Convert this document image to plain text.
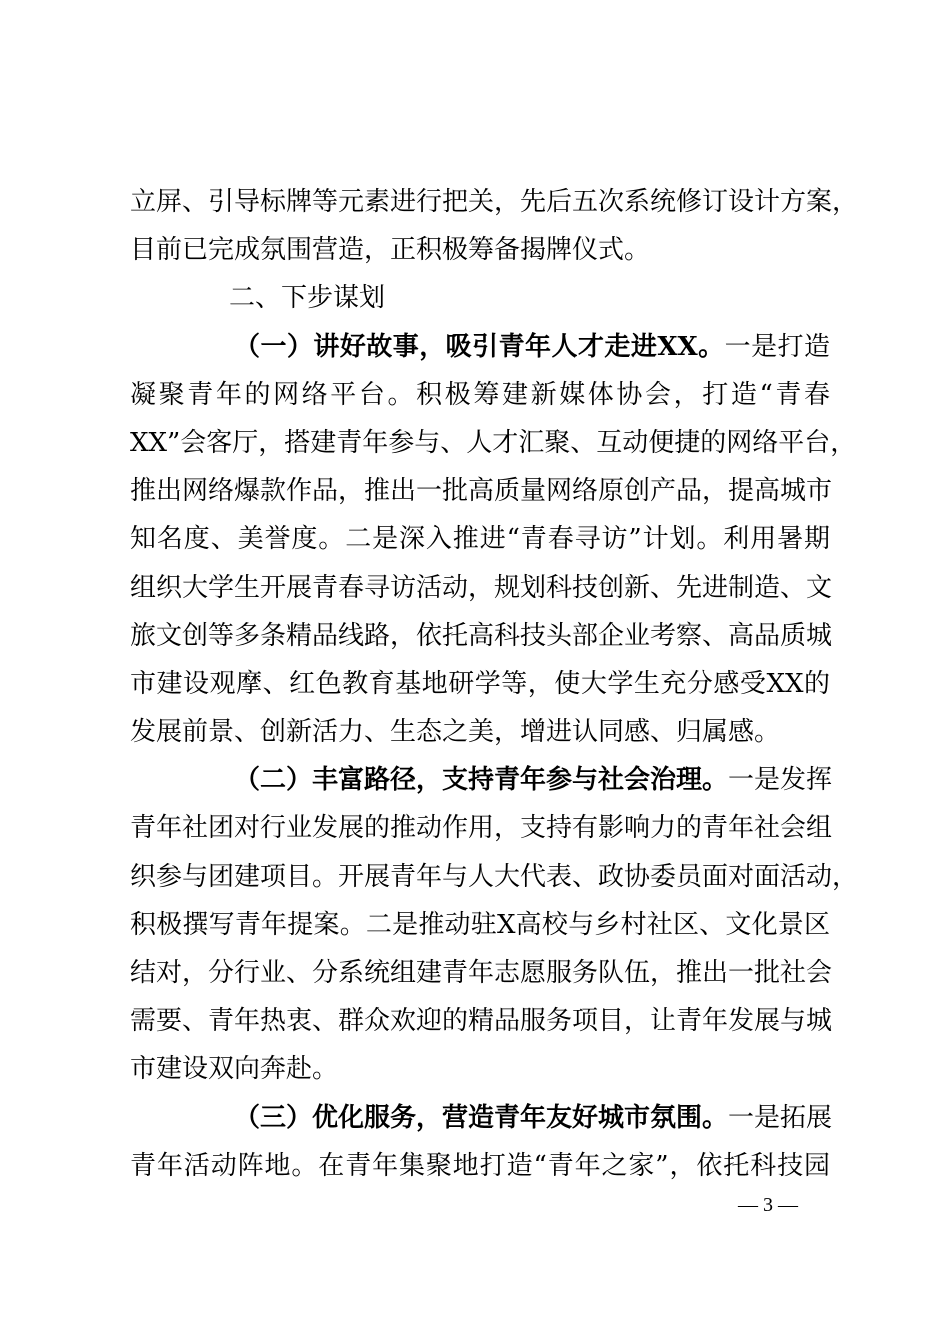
立屏、引导标牌等元素进行把关，先后五次系统修订设计方案，
目前已完成氛围营造，正积极筹备揭牌仪式。
二、下步谋划
（一）讲好故事，吸引青年人才走进XX。一是打造
凝聚青年的网络平台。积极筹建新媒体协会，打造“青春
XX”会客厅，搭建青年参与、人才汇聚、互动便捷的网络平台，
推出网络爆款作品，推出一批高质量网络原创产品，提高城市
知名度、美誉度。二是深入推进“青春寻访”计划。利用暑期
组织大学生开展青春寻访活动，规划科技创新、先进制造、文
旅文创等多条精品线路，依托高科技头部企业考察、高品质城
市建设观摩、红色教育基地研学等，使大学生充分感受XX的
发展前景、创新活力、生态之美，增进认同感、归属感。
（二）丰富路径，支持青年参与社会治理。一是发挥
青年社团对行业发展的推动作用，支持有影响力的青年社会组
织参与团建项目。开展青年与人大代表、政协委员面对面活动，
积极撰写青年提案。二是推动驻X高校与乡村社区、文化景区
结对，分行业、分系统组建青年志愿服务队伍，推出一批社会
需要、青年热衷、群众欢迎的精品服务项目，让青年发展与城
市建设双向奔赴。
（三）优化服务，营造青年友好城市氛围。一是拓展
青年活动阵地。在青年集聚地打造“青年之家”，依托科技园
— 3 —
